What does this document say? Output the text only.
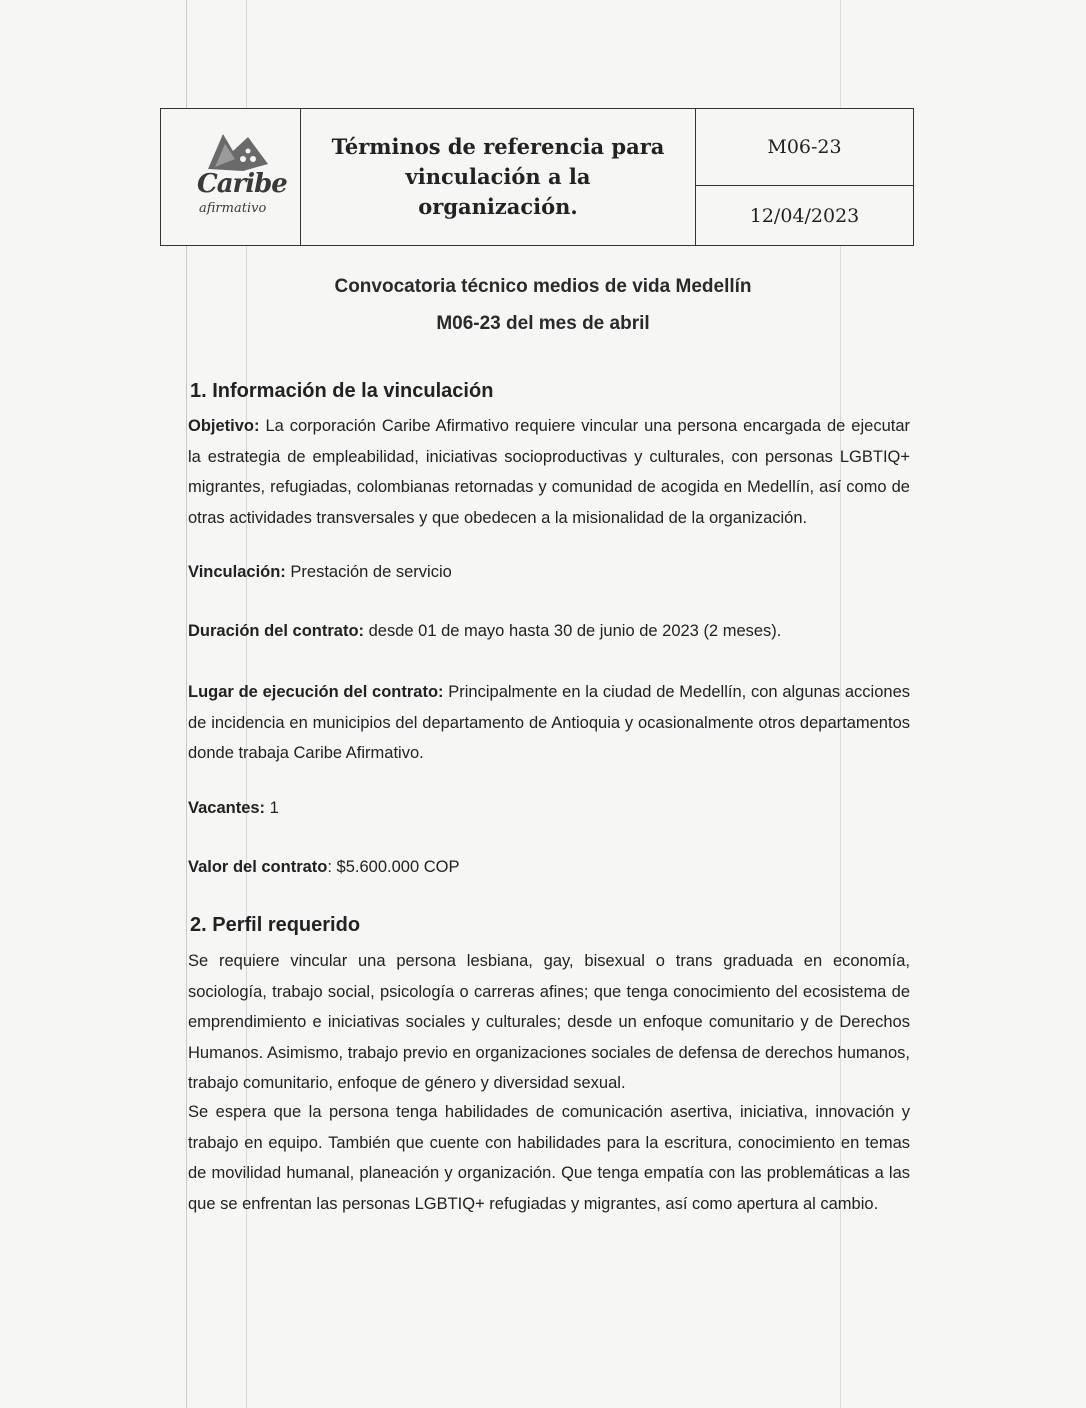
Caribe
afirmativo
Términos de referencia para vinculación a la organización.
M06-23
12/04/2023
Convocatoria técnico medios de vida Medellín
M06-23 del mes de abril
1. Información de la vinculación
Objetivo: La corporación Caribe Afirmativo requiere vincular una persona encargada de ejecutar la estrategia de empleabilidad, iniciativas socioproductivas y culturales, con personas LGBTIQ+ migrantes, refugiadas, colombianas retornadas y comunidad de acogida en Medellín, así como de otras actividades transversales y que obedecen a la misionalidad de la organización.
Vinculación: Prestación de servicio
Duración del contrato: desde 01 de mayo hasta 30 de junio de 2023 (2 meses).
Lugar de ejecución del contrato: Principalmente en la ciudad de Medellín, con algunas acciones de incidencia en municipios del departamento de Antioquia y ocasionalmente otros departamentos donde trabaja Caribe Afirmativo.
Vacantes: 1
Valor del contrato: $5.600.000 COP
2. Perfil requerido
Se requiere vincular una persona lesbiana, gay, bisexual o trans graduada en economía, sociología, trabajo social, psicología o carreras afines; que tenga conocimiento del ecosistema de emprendimiento e iniciativas sociales y culturales; desde un enfoque comunitario y de Derechos Humanos. Asimismo, trabajo previo en organizaciones sociales de defensa de derechos humanos, trabajo comunitario, enfoque de género y diversidad sexual.
Se espera que la persona tenga habilidades de comunicación asertiva, iniciativa, innovación y trabajo en equipo. También que cuente con habilidades para la escritura, conocimiento en temas de movilidad humanal, planeación y organización. Que tenga empatía con las problemáticas a las que se enfrentan las personas LGBTIQ+ refugiadas y migrantes, así como apertura al cambio.
